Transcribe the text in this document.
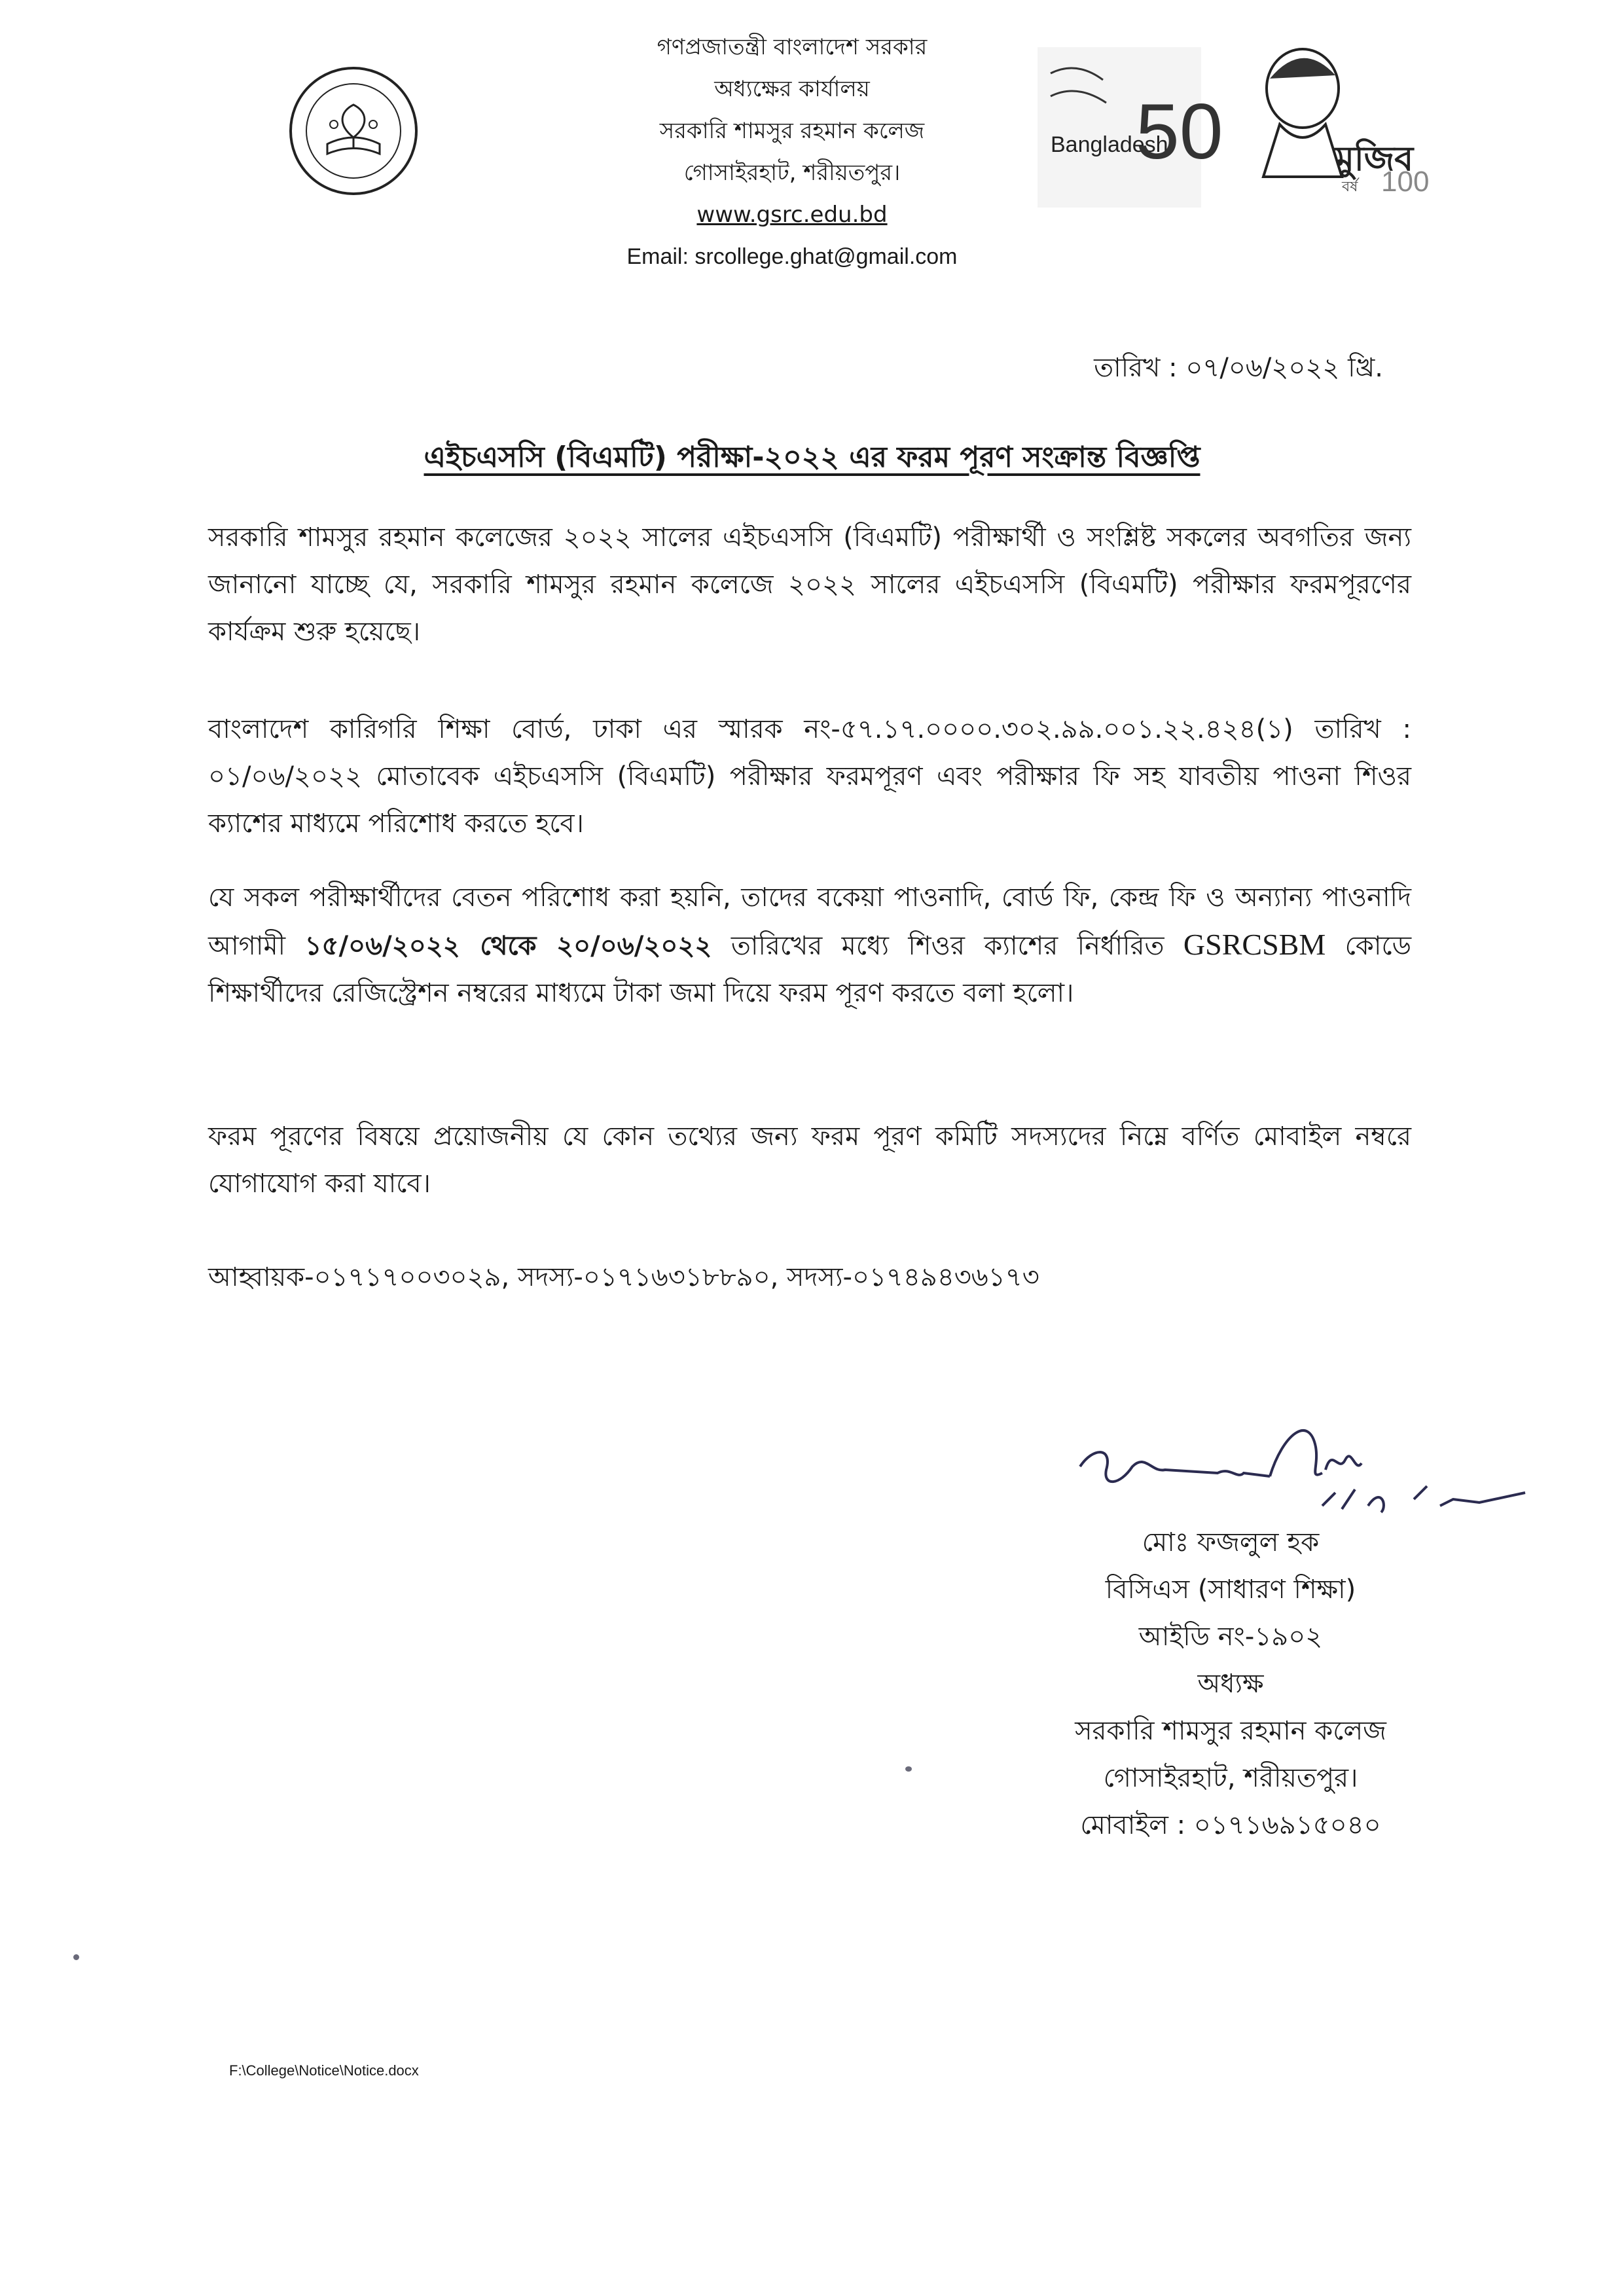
গণপ্রজাতন্ত্রী বাংলাদেশ সরকার
অধ্যক্ষের কার্যালয়
সরকারি শামসুর রহমান কলেজ
গোসাইরহাট, শরীয়তপুর।
www.gsrc.edu.bd
Email: srcollege.ghat@gmail.com
Bangladesh
50	মুজিব
বর্ষ 100
তারিখ : ০৭/০৬/২০২২ খ্রি.
এইচএসসি (বিএমটি) পরীক্ষা-২০২২ এর ফরম পূরণ সংক্রান্ত বিজ্ঞপ্তি

সরকারি শামসুর রহমান কলেজের ২০২২ সালের এইচএসসি (বিএমটি) পরীক্ষার্থী ও সংশ্লিষ্ট সকলের অবগতির জন্য জানানো যাচ্ছে যে, সরকারি শামসুর রহমান কলেজে ২০২২ সালের এইচএসসি (বিএমটি) পরীক্ষার ফরমপূরণের কার্যক্রম শুরু হয়েছে।

বাংলাদেশ কারিগরি শিক্ষা বোর্ড, ঢাকা এর স্মারক নং-৫৭.১৭.০০০০.৩০২.৯৯.০০১.২২.৪২৪(১) তারিখ : ০১/০৬/২০২২ মোতাবেক এইচএসসি (বিএমটি) পরীক্ষার ফরমপূরণ এবং পরীক্ষার ফি সহ যাবতীয় পাওনা শিওর ক্যাশের মাধ্যমে পরিশোধ করতে হবে।

যে সকল পরীক্ষার্থীদের বেতন পরিশোধ করা হয়নি, তাদের বকেয়া পাওনাদি, বোর্ড ফি, কেন্দ্র ফি ও অন্যান্য পাওনাদি আগামী ১৫/০৬/২০২২ থেকে ২০/০৬/২০২২ তারিখের মধ্যে শিওর ক্যাশের নির্ধারিত GSRCSBM কোডে শিক্ষার্থীদের রেজিস্ট্রেশন নম্বরের মাধ্যমে টাকা জমা দিয়ে ফরম পূরণ করতে বলা হলো।

ফরম পূরণের বিষয়ে প্রয়োজনীয় যে কোন তথ্যের জন্য ফরম পূরণ কমিটি সদস্যদের নিম্নে বর্ণিত মোবাইল নম্বরে যোগাযোগ করা যাবে।

আহ্বায়ক-০১৭১৭০০৩০২৯, সদস্য-০১৭১৬৩১৮৮৯০, সদস্য-০১৭৪৯৪৩৬১৭৩

মোঃ ফজলুল হক
বিসিএস (সাধারণ শিক্ষা)
আইডি নং-১৯০২
অধ্যক্ষ
সরকারি শামসুর রহমান কলেজ
গোসাইরহাট, শরীয়তপুর।
মোবাইল : ০১৭১৬৯১৫০৪০
F:\College\Notice\Notice.docx
